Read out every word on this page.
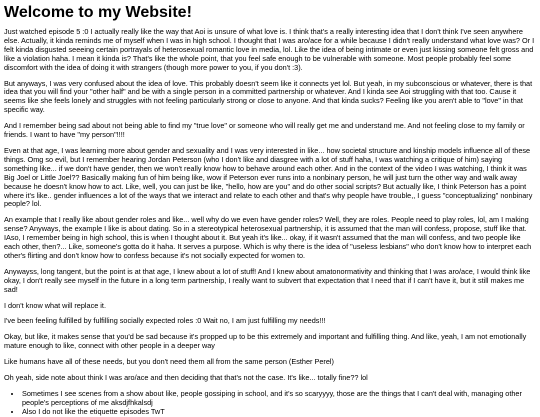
Welcome to my Website!

Just watched episode 5 :0 I actually really like the way that Aoi is unsure of what love is. I think that's a really interesting idea that I don't think I've seen anywhere else. Actually, it kinda reminds me of myself when I was in high school. I thought that I was aro/ace for a while because I didn't really understand what love was? Or I felt kinda disgusted seeeing certain portrayals of heterosexual romantic love in media, lol. Like the idea of being intimate or even just kissing someone felt gross and like a violation haha. I mean it kinda is? That's like the whole point, that you feel safe enough to be vulnerable with someone. Most people probably feel some discomfort with the idea of doing it with strangers (though more power to you, if you don't :3).

But anyways, I was very confused about the idea of love. This probably doesn't seem like it connects yet lol. But yeah, in my subconscious or whatever, there is that idea that you will find your "other half" and be with a single person in a committed partnership or whatever. And I kinda see Aoi struggling with that too. Cause it seems like she feels lonely and struggles with not feeling particularly strong or close to anyone. And that kinda sucks? Feeling like you aren't able to "love" in that specific way.

And I remember being sad about not being able to find my "true love" or someone who will really get me and understand me. And not feeling close to my family or friends. I want to have "my person"!!!!

Even at that age, I was learning more about gender and sexuality and I was very interested in like... how societal structure and kinship models influence all of these things. Omg so evil, but I remember hearing Jordan Peterson (who I don't like and diasgree with a lot of stuff haha, I was watching a critique of him) saying something like... if we don't have gender, then we won't really know how to behave around each other. And in the context of the video I was watching, I think it was Big Joel or Little Joel?? Basically making fun of him being like, wow if Peterson ever runs into a nonbinary person, he will just turn the other way and walk away because he doesn't know how to act. Like, well, you can just be like, "hello, how are you" and do other social scripts? But actually like, I think Peterson has a point where it's like.. gender influences a lot of the ways that we interact and relate to each other and that's why people have trouble,, I guess "conceptualizing" nonbinary people? lol.

An example that I really like about gender roles and like... well why do we even have gender roles? Well, they are roles. People need to play roles, lol, am I making sense? Anyways, the example I like is about dating. So in a stereotypical heterosexual partnership, it is assumed that the man will confess, propose, stuff like that. IAso, I remember being in high school, this is when I thought about it. But yeah it's like... okay, if it wasn't assumed that the man will confess, and two people like each other, then?... Like, someone's gotta do it haha. It serves a purpose. Which is why there is the idea of "useless lesbians" who don't know how to interpret each other's flirting and don't know how to confess because it's not socially expected for women to.

Anywayss, long tangent, but the point is at that age, I knew about a lot of stuff! And I knew about amatonormativity and thinking that I was aro/ace, I would think like okay, I don't really see myself in the future in a long term partnership, I really want to subvert that expectation that I need that if I can't have it, but it still makes me sad!

I don't know what will replace it.

I've been feeling fulfilled by fulfilling socially expected roles :0 Wait no, I am just fulfilling my needs!!!

Okay, but like, it makes sense that you'd be sad because it's propped up to be this extremely and important and fulfilling thing. And like, yeah, I am not emotionally mature enough to like, connect with other people in a deeper way

Like humans have all of these needs, but you don't need them all from the same person (Esther Perel)

Oh yeah, side note about think I was aro/ace and then deciding that that's not the case. It's like... totally fine?? lol

• Sometimes I see scenes from a show about like, people gossiping in school, and it's so scaryyyy, those are the things that I can't deal with, managing other people's perceptions of me aksdjfhkalsdj
• Also I do not like the etiquette episodes TwT
